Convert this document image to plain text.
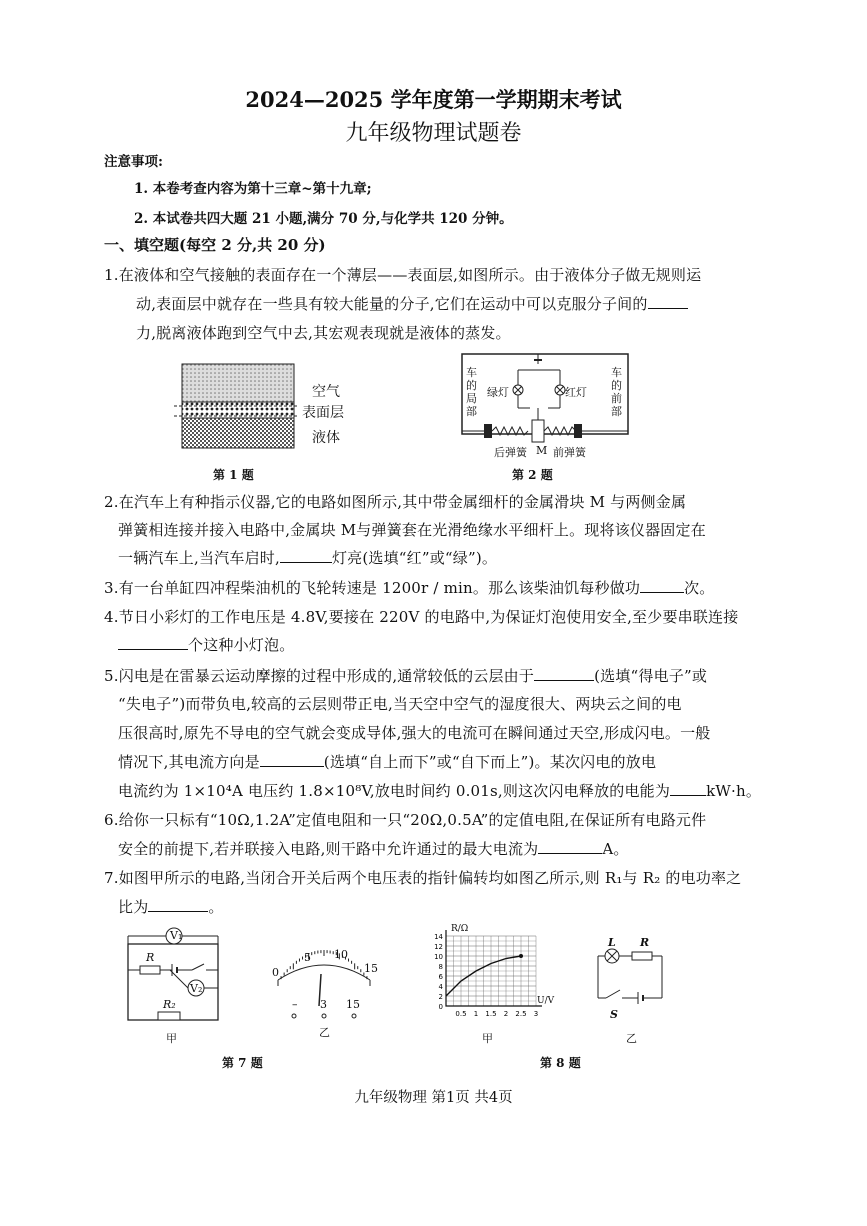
2024—2025 学年度第一学期期末考试
九年级物理试题卷
注意事项:
1. 本卷考查内容为第十三章~第十九章;
2. 本试卷共四大题 21 小题,满分 70 分,与化学共 120 分钟。
一、填空题(每空 2 分,共 20 分)
1.在液体和空气接触的表面存在一个薄层——表面层,如图所示。由于液体分子做无规则运
动,表面层中就存在一些具有较大能量的分子,它们在运动中可以克服分子间的
力,脱离液体跑到空气中去,其宏观表现就是液体的蒸发。
空气
表面层
液体
第 1 题
车的局部
车的前部
绿灯	红灯
后弹簧 M 前弹簧
第 2 题
2.在汽车上有种指示仪器,它的电路如图所示,其中带金属细杆的金属滑块 M 与两侧金属
弹簧相连接并接入电路中,金属块 M与弹簧套在光滑绝缘水平细杆上。现将该仪器固定在
一辆汽车上,当汽车启时,	灯亮(选填“红”或“绿”)。
3.有一台单缸四冲程柴油机的飞轮转速是 1200r / min。那么该柴油饥每秒做功	次。
4.节日小彩灯的工作电压是 4.8V,要接在 220V 的电路中,为保证灯泡使用安全,至少要串联连接
个这种小灯泡。
5.闪电是在雷暴云运动摩擦的过程中形成的,通常较低的云层由于	(选填“得电子”或
“失电子”)而带负电,较高的云层则带正电,当天空中空气的湿度很大、两块云之间的电
压很高时,原先不导电的空气就会变成导体,强大的电流可在瞬间通过天空,形成闪电。一般
情况下,其电流方向是	(选填“自上而下”或“自下而上”)。某次闪电的放电
电流约为 1×10⁴A 电压约 1.8×10⁸V,放电时间约 0.01s,则这次闪电释放的电能为 kW·h。
6.给你一只标有“10Ω,1.2A”定值电阻和一只“20Ω,0.5A”的定值电阻,在保证所有电路元件
安全的前提下,若并联接入电路,则干路中允许通过的最大电流为	A。
7.如图甲所示的电路,当闭合开关后两个电压表的指针偏转均如图乙所示,则 R₁与 R₂ 的电功率之
比为	。
V₁
R
V₂
R₂
甲
0
5 10
15
– 3 15
乙
第 7 题
14
12
10
8
6
4
2
0
0.5 1 1.5 2 2.5 3
R/Ω
U/V
甲
L R
S
乙
第 8 题
九年级物理 第1页 共4页
